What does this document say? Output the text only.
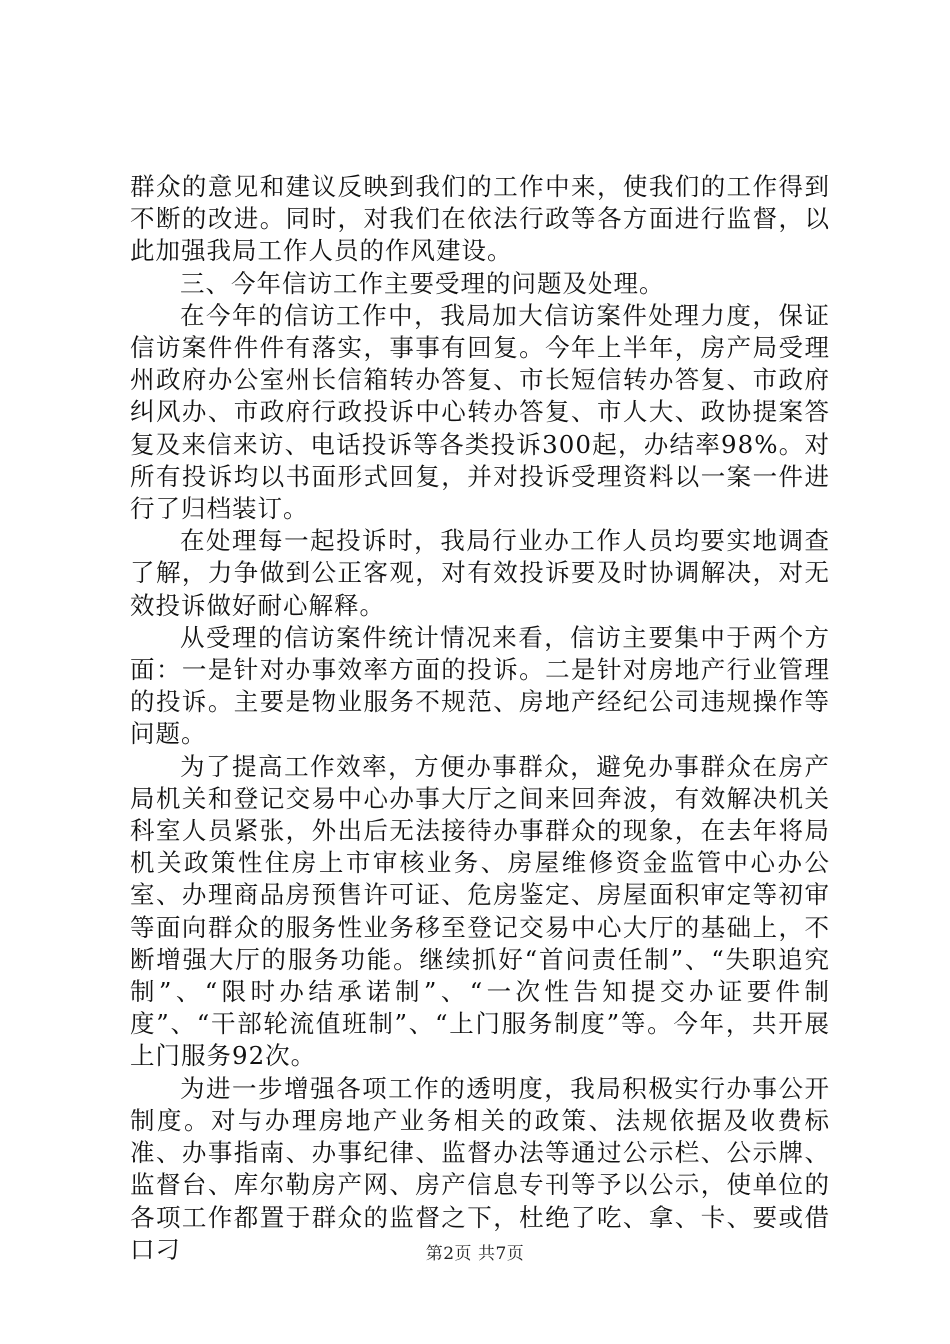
群众的意见和建议反映到我们的工作中来，使我们的工作得到不断的改进。同时，对我们在依法行政等各方面进行监督，以此加强我局工作人员的作风建设。

三、今年信访工作主要受理的问题及处理。

在今年的信访工作中，我局加大信访案件处理力度，保证信访案件件件有落实，事事有回复。今年上半年，房产局受理州政府办公室州长信箱转办答复、市长短信转办答复、市政府纠风办、市政府行政投诉中心转办答复、市人大、政协提案答复及来信来访、电话投诉等各类投诉300起，办结率98%。对所有投诉均以书面形式回复，并对投诉受理资料以一案一件进行了归档装订。

在处理每一起投诉时，我局行业办工作人员均要实地调查了解，力争做到公正客观，对有效投诉要及时协调解决，对无效投诉做好耐心解释。

从受理的信访案件统计情况来看，信访主要集中于两个方面：一是针对办事效率方面的投诉。二是针对房地产行业管理的投诉。主要是物业服务不规范、房地产经纪公司违规操作等问题。

为了提高工作效率，方便办事群众，避免办事群众在房产局机关和登记交易中心办事大厅之间来回奔波，有效解决机关科室人员紧张，外出后无法接待办事群众的现象，在去年将局机关政策性住房上市审核业务、房屋维修资金监管中心办公室、办理商品房预售许可证、危房鉴定、房屋面积审定等初审等面向群众的服务性业务移至登记交易中心大厅的基础上，不断增强大厅的服务功能。继续抓好“首问责任制”、“失职追究制”、“限时办结承诺制”、“一次性告知提交办证要件制度”、“干部轮流值班制”、“上门服务制度”等。今年，共开展上门服务92次。

为进一步增强各项工作的透明度，我局积极实行办事公开制度。对与办理房地产业务相关的政策、法规依据及收费标准、办事指南、办事纪律、监督办法等通过公示栏、公示牌、监督台、库尔勒房产网、房产信息专刊等予以公示，使单位的各项工作都置于群众的监督之下，杜绝了吃、拿、卡、要或借口刁	第2页 共7页
